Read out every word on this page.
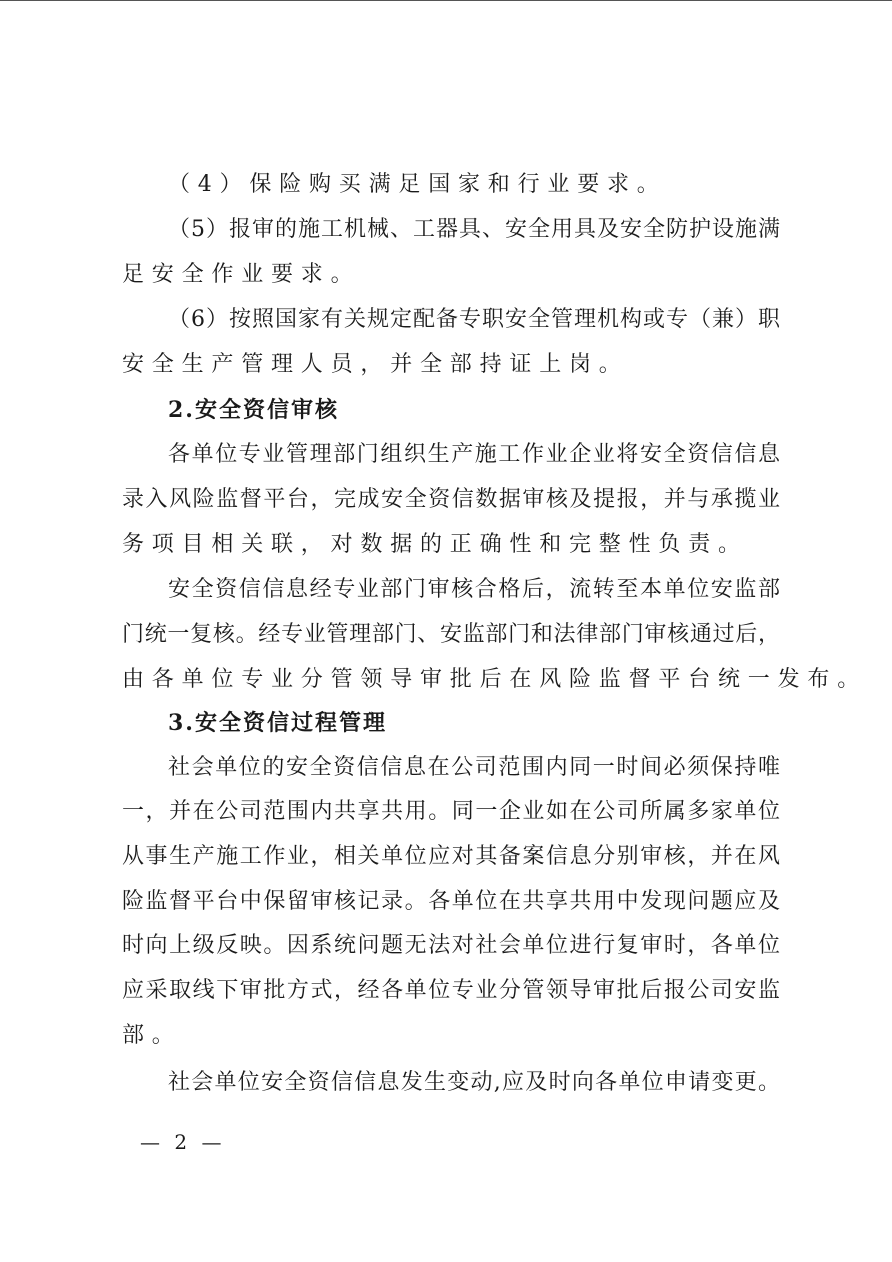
（4）保险购买满足国家和行业要求。
（5）报审的施工机械、工器具、安全用具及安全防护设施满
足安全作业要求。
（6）按照国家有关规定配备专职安全管理机构或专（兼）职
安全生产管理人员，并全部持证上岗。
2.安全资信审核
各单位专业管理部门组织生产施工作业企业将安全资信信息
录入风险监督平台，完成安全资信数据审核及提报，并与承揽业
务项目相关联，对数据的正确性和完整性负责。
安全资信信息经专业部门审核合格后，流转至本单位安监部
门统一复核。经专业管理部门、安监部门和法律部门审核通过后，
由各单位专业分管领导审批后在风险监督平台统一发布。
3.安全资信过程管理
社会单位的安全资信信息在公司范围内同一时间必须保持唯
一，并在公司范围内共享共用。同一企业如在公司所属多家单位
从事生产施工作业，相关单位应对其备案信息分别审核，并在风
险监督平台中保留审核记录。各单位在共享共用中发现问题应及
时向上级反映。因系统问题无法对社会单位进行复审时，各单位
应采取线下审批方式，经各单位专业分管领导审批后报公司安监
部。
社会单位安全资信信息发生变动,应及时向各单位申请变更。
— 2 —
